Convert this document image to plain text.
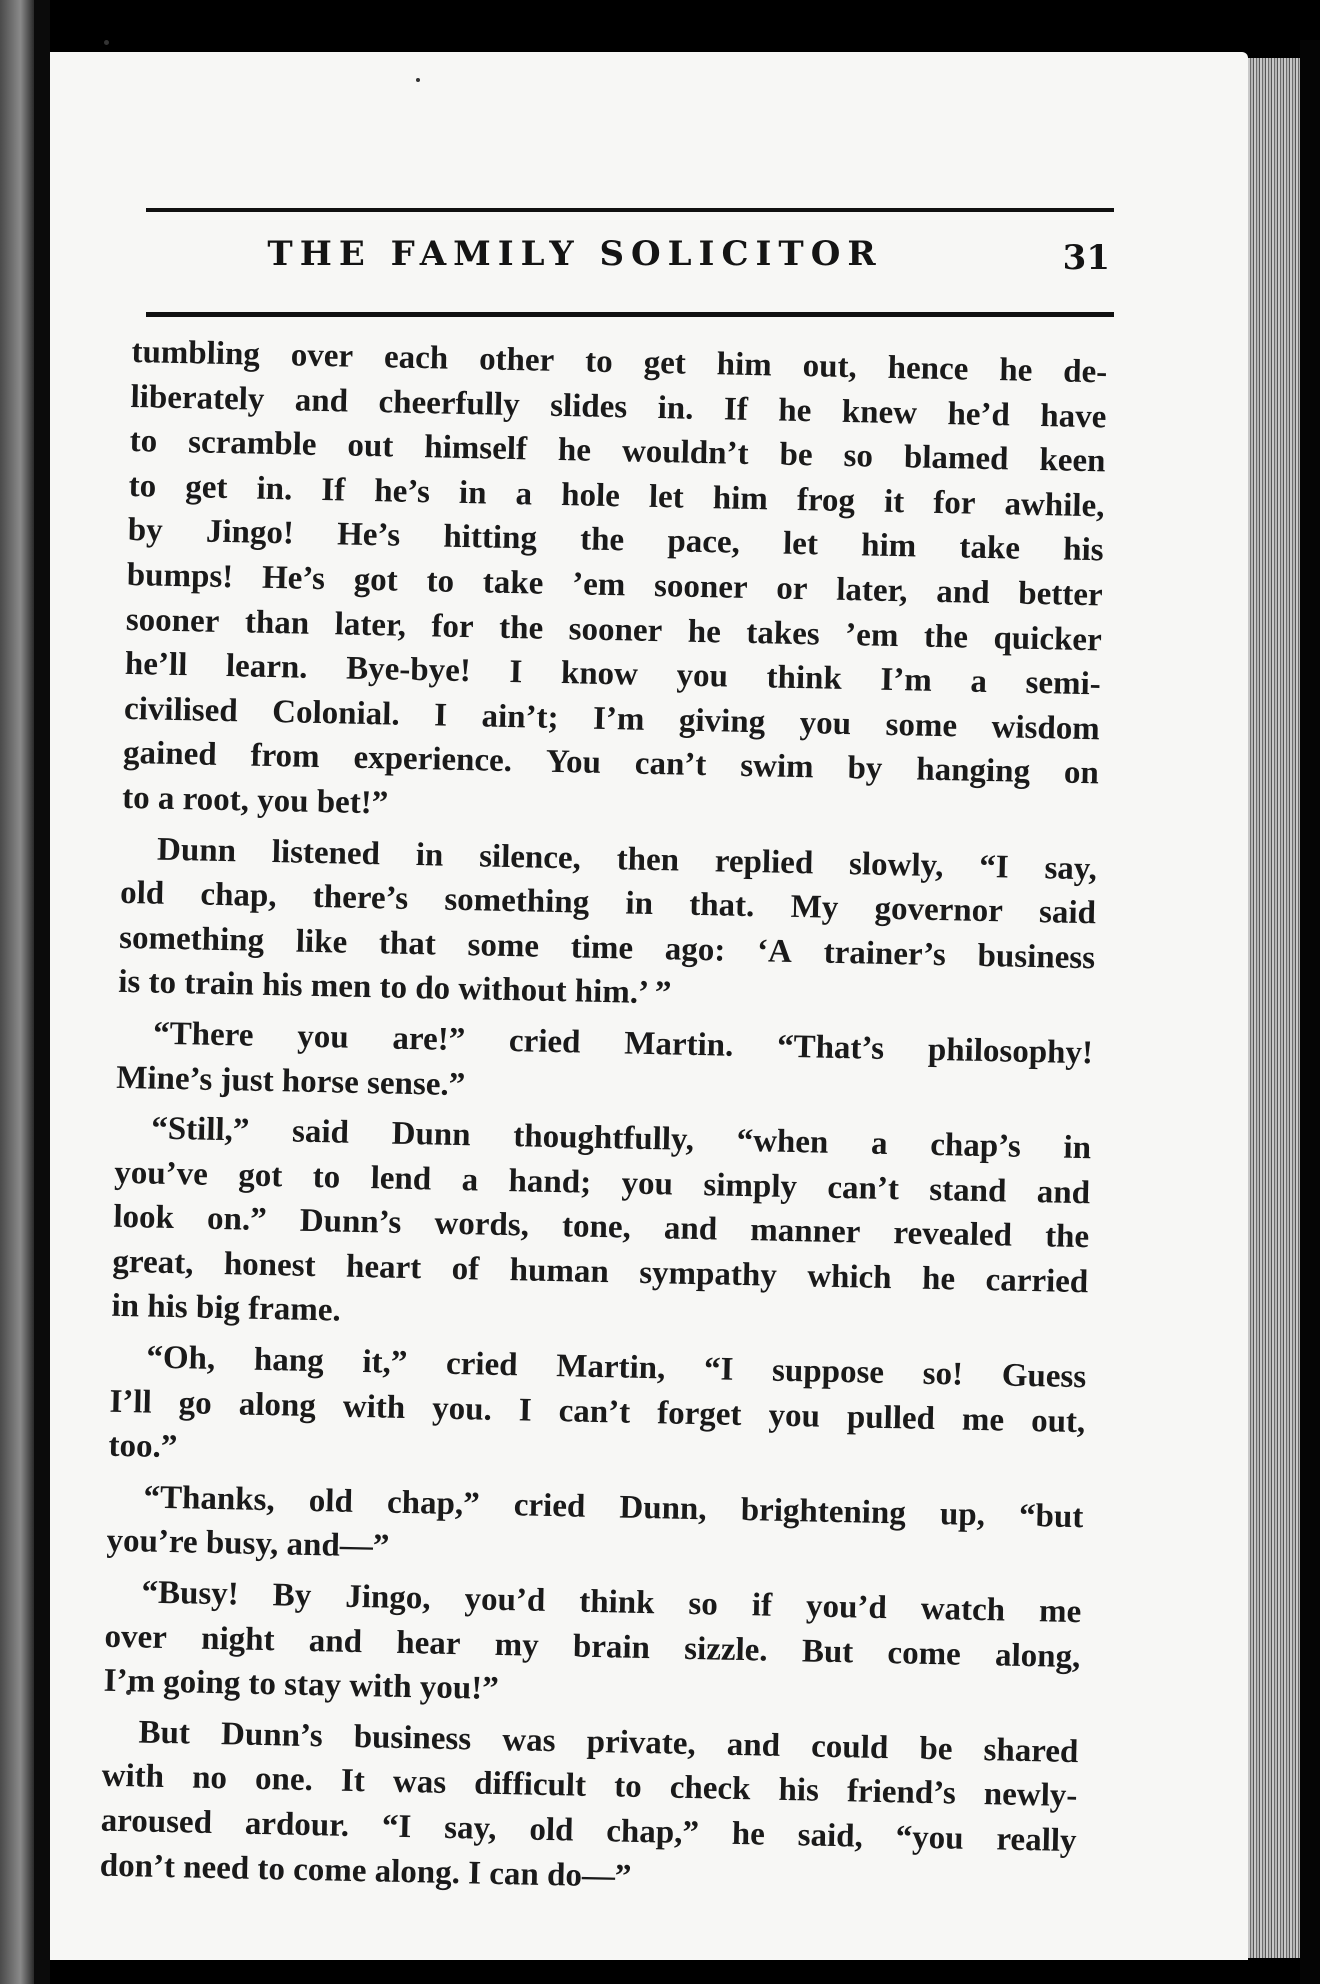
THE FAMILY SOLICITOR	31
tumbling over each other to get him out, hence he de-
liberately and cheerfully slides in. If he knew he’d have
to scramble out himself he wouldn’t be so blamed keen
to get in. If he’s in a hole let him frog it for awhile,
by Jingo! He’s hitting the pace, let him take his
bumps! He’s got to take ’em sooner or later, and better
sooner than later, for the sooner he takes ’em the quicker
he’ll learn. Bye-bye! I know you think I’m a semi-
civilised Colonial. I ain’t; I’m giving you some wisdom
gained from experience. You can’t swim by hanging on
to a root, you bet!”
Dunn listened in silence, then replied slowly, “I say,
old chap, there’s something in that. My governor said
something like that some time ago: ‘A trainer’s business
is to train his men to do without him.’ ”
“There you are!” cried Martin. “That’s philosophy!
Mine’s just horse sense.”
“Still,” said Dunn thoughtfully, “when a chap’s in
you’ve got to lend a hand; you simply can’t stand and
look on.” Dunn’s words, tone, and manner revealed the
great, honest heart of human sympathy which he carried
in his big frame.
“Oh, hang it,” cried Martin, “I suppose so! Guess
I’ll go along with you. I can’t forget you pulled me out,
too.”
“Thanks, old chap,” cried Dunn, brightening up, “but
you’re busy, and—”
“Busy! By Jingo, you’d think so if you’d watch me
over night and hear my brain sizzle. But come along,
I’m going to stay with you!”
But Dunn’s business was private, and could be shared
with no one. It was difficult to check his friend’s newly-
aroused ardour. “I say, old chap,” he said, “you really
don’t need to come along. I can do—”
